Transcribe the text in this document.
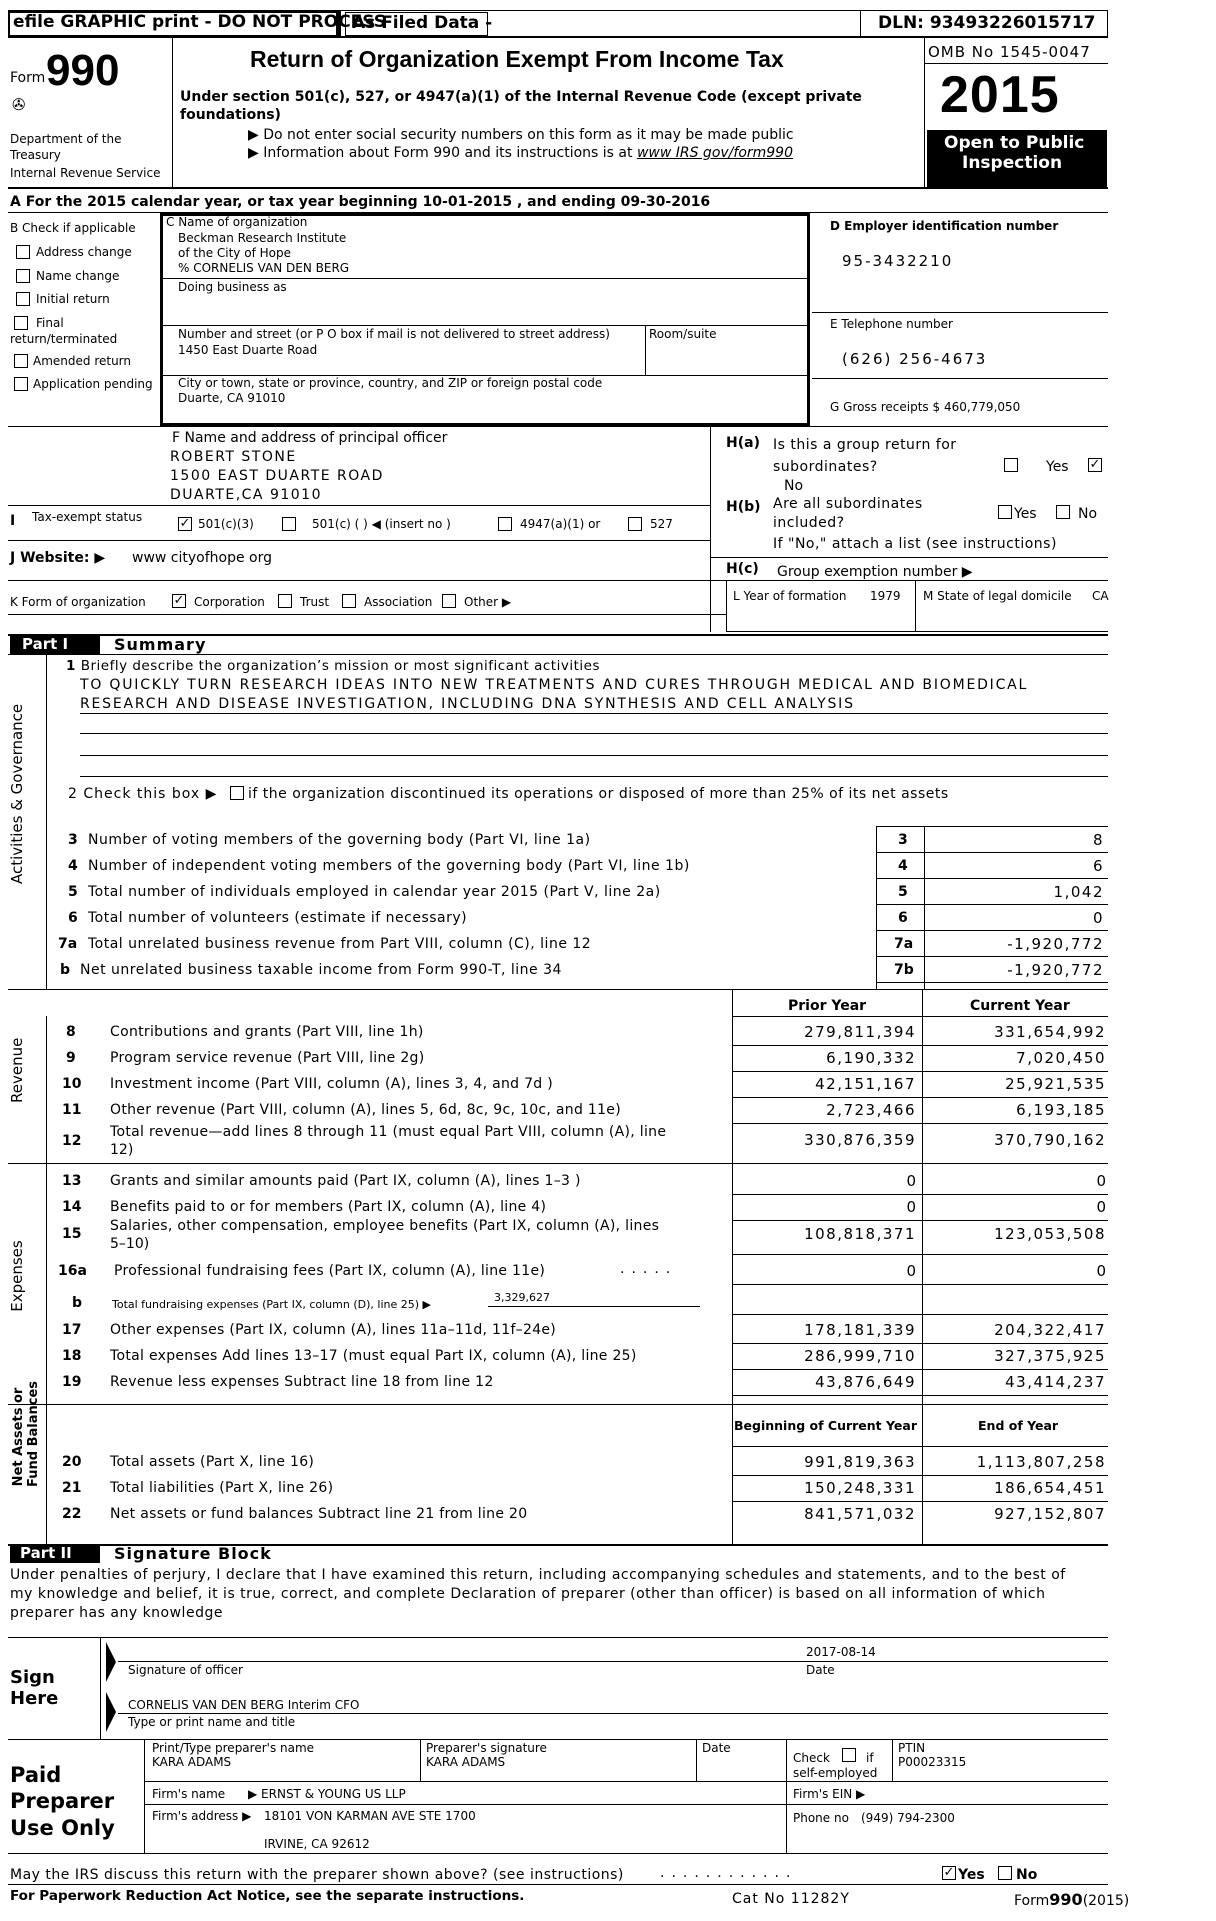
efile GRAPHIC print - DO NOT PROCESS
As Filed Data -	DLN: 93493226015717
Form 990
✇
Department of the
Treasury
Internal Revenue Service
Return of Organization Exempt From Income Tax
Under section 501(c), 527, or 4947(a)(1) of the Internal Revenue Code (except private foundations)
▶ Do not enter social security numbers on this form as it may be made public
▶ Information about Form 990 and its instructions is at www IRS gov/form990
OMB No 1545-0047
2015
Open to Public
Inspection
A For the 2015 calendar year, or tax year beginning 10-01-2015 , and ending 09-30-2016
B Check if applicable
Address change
Name change
Initial return
Final
return/terminated
Amended return
Application pending
C Name of organization
Beckman Research Institute
of the City of Hope
% CORNELIS VAN DEN BERG
Doing business as
Number and street (or P O box if mail is not delivered to street address)	Room/suite
1450 East Duarte Road
City or town, state or province, country, and ZIP or foreign postal code
Duarte, CA 91010
D Employer identification number
95-3432210
E Telephone number
(626) 256-4673
G Gross receipts $ 460,779,050
F Name and address of principal officer
ROBERT STONE
1500 EAST DUARTE ROAD
DUARTE,CA 91010
H(a) Is this a group return for
subordinates?	Yes ✓
No
H(b) Are all subordinates
included?
Yes	No
If "No," attach a list (see instructions)
H(c) Group exemption number ▶
I Tax-exempt status	✓ 501(c)(3)	501(c) ( ) ◀ (insert no )	4947(a)(1) or	527
J Website: ▶ www cityofhope org
K Form of organization ✓ Corporation	Trust	Association	Other ▶	L Year of formation 1979 M State of legal domicile CA
Part I	Summary
Activities & Governance
Revenue
Expenses
Net Assets or Fund Balances
1 Briefly describe the organization’s mission or most significant activities
TO QUICKLY TURN RESEARCH IDEAS INTO NEW TREATMENTS AND CURES THROUGH MEDICAL AND BIOMEDICAL
RESEARCH AND DISEASE INVESTIGATION, INCLUDING DNA SYNTHESIS AND CELL ANALYSIS
2 Check this box ▶ if the organization discontinued its operations or disposed of more than 25% of its net assets
3 Number of voting members of the governing body (Part VI, line 1a)	3	8
4 Number of independent voting members of the governing body (Part VI, line 1b)	4	6
5 Total number of individuals employed in calendar year 2015 (Part V, line 2a)	5	1,042
6 Total number of volunteers (estimate if necessary)	6	0
7a Total unrelated business revenue from Part VIII, column (C), line 12	7a	-1,920,772
b Net unrelated business taxable income from Form 990-T, line 34	7b	-1,920,772
Prior Year	Current Year
8 Contributions and grants (Part VIII, line 1h)	279,811,394	331,654,992
9 Program service revenue (Part VIII, line 2g)	6,190,332	7,020,450
10 Investment income (Part VIII, column (A), lines 3, 4, and 7d )	42,151,167	25,921,535
11 Other revenue (Part VIII, column (A), lines 5, 6d, 8c, 9c, 10c, and 11e)	2,723,466	6,193,185
12
Total revenue—add lines 8 through 11 (must equal Part VIII, column (A), line
12)
330,876,359	370,790,162
13 Grants and similar amounts paid (Part IX, column (A), lines 1–3 )	0	0
14 Benefits paid to or for members (Part IX, column (A), line 4)	0	0
15 Salaries, other compensation, employee benefits (Part IX, column (A), lines
5–10)
108,818,371	123,053,508
16a Professional fundraising fees (Part IX, column (A), line 11e)	.....	0	0
b	Total fundraising expenses (Part IX, column (D), line 25) ▶
3,329,627
17 Other expenses (Part IX, column (A), lines 11a–11d, 11f–24e)	178,181,339	204,322,417
18 Total expenses Add lines 13–17 (must equal Part IX, column (A), line 25)	286,999,710	327,375,925
19 Revenue less expenses Subtract line 18 from line 12	43,876,649	43,414,237
Beginning of Current Year	End of Year
20 Total assets (Part X, line 16)	991,819,363	1,113,807,258
21 Total liabilities (Part X, line 26)	150,248,331	186,654,451
22 Net assets or fund balances Subtract line 21 from line 20	841,571,032	927,152,807
Part II	Signature Block
Under penalties of perjury, I declare that I have examined this return, including accompanying schedules and statements, and to the best of
my knowledge and belief, it is true, correct, and complete Declaration of preparer (other than officer) is based on all information of which
preparer has any knowledge
Sign
Here
2017-08-14
Signature of officer	Date
CORNELIS VAN DEN BERG Interim CFO
Type or print name and title
Paid
Preparer
Use Only
Print/Type preparer's name
KARA ADAMS
Preparer's signature
KARA ADAMS
Date
Check	if
self-employed
PTIN
P00023315
Firm's name ▶ ERNST & YOUNG US LLP	Firm's EIN ▶
Firm's address ▶ 18101 VON KARMAN AVE STE 1700
IRVINE, CA 92612
Phone no (949) 794-2300
May the IRS discuss this return with the preparer shown above? (see instructions)	............	✓ Yes No
For Paperwork Reduction Act Notice, see the separate instructions.	Cat No 11282Y	Form990(2015)
